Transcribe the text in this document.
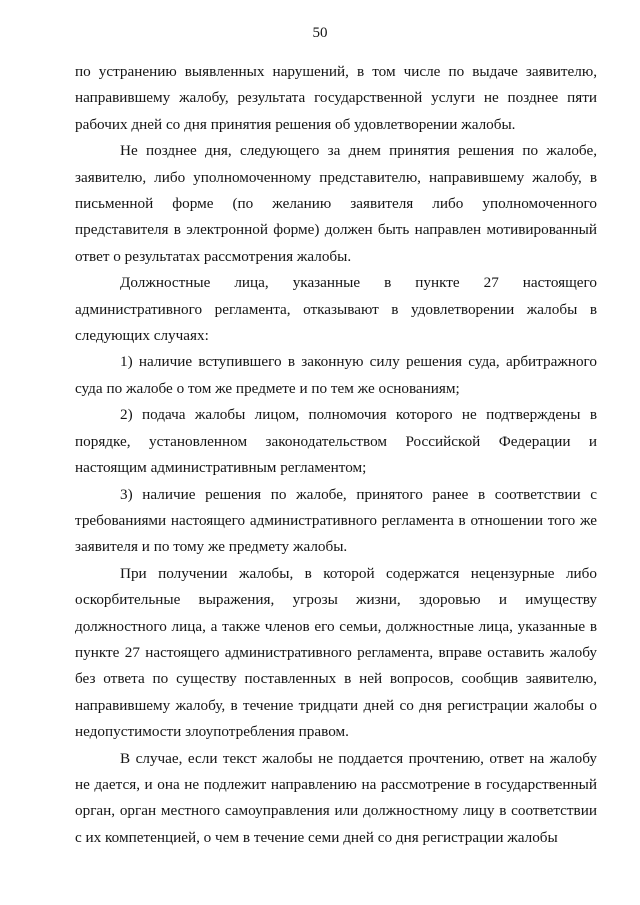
50

по устранению выявленных нарушений, в том числе по выдаче заявителю, направившему жалобу, результата государственной услуги не позднее пяти рабочих дней со дня принятия решения об удовлетворении жалобы.

Не позднее дня, следующего за днем принятия решения по жалобе, заявителю, либо уполномоченному представителю, направившему жалобу, в письменной форме (по желанию заявителя либо уполномоченного представителя в электронной форме) должен быть направлен мотивированный ответ о результатах рассмотрения жалобы.

Должностные лица, указанные в пункте 27 настоящего административного регламента, отказывают в удовлетворении жалобы в следующих случаях:

1) наличие вступившего в законную силу решения суда, арбитражного суда по жалобе о том же предмете и по тем же основаниям;

2) подача жалобы лицом, полномочия которого не подтверждены в порядке, установленном законодательством Российской Федерации и настоящим административным регламентом;

3) наличие решения по жалобе, принятого ранее в соответствии с требованиями настоящего административного регламента в отношении того же заявителя и по тому же предмету жалобы.

При получении жалобы, в которой содержатся нецензурные либо оскорбительные выражения, угрозы жизни, здоровью и имуществу должностного лица, а также членов его семьи, должностные лица, указанные в пункте 27 настоящего административного регламента, вправе оставить жалобу без ответа по существу поставленных в ней вопросов, сообщив заявителю, направившему жалобу, в течение тридцати дней со дня регистрации жалобы о недопустимости злоупотребления правом.

В случае, если текст жалобы не поддается прочтению, ответ на жалобу не дается, и она не подлежит направлению на рассмотрение в государственный орган, орган местного самоуправления или должностному лицу в соответствии с их компетенцией, о чем в течение семи дней со дня регистрации жалобы
